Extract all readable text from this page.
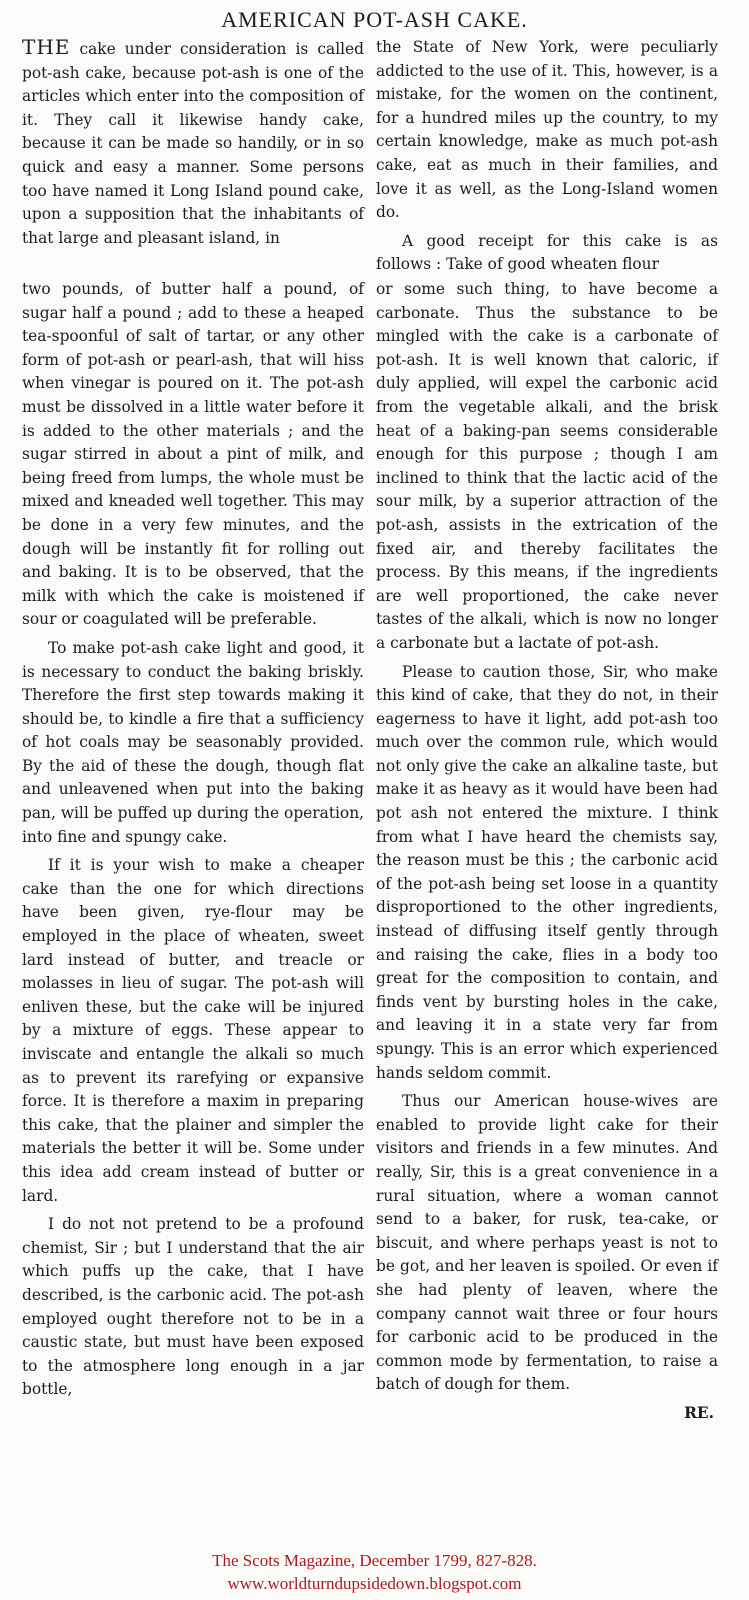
AMERICAN POT-ASH CAKE.

THE cake under consideration is called pot-ash cake, because pot-ash is one of the articles which enter into the composition of it. They call it likewise handy cake, because it can be made so handily, or in so quick and easy a manner. Some persons too have named it Long Island pound cake, upon a supposition that the inhabitants of that large and pleasant island, in

the State of New York, were peculiarly addicted to the use of it. This, however, is a mistake, for the women on the continent, for a hundred miles up the country, to my certain knowledge, make as much pot-ash cake, eat as much in their families, and love it as well, as the Long-Island women do.

A good receipt for this cake is as follows : Take of good wheaten flour

two pounds, of butter half a pound, of sugar half a pound ; add to these a heaped tea-spoonful of salt of tartar, or any other form of pot-ash or pearl-ash, that will hiss when vinegar is poured on it. The pot-ash must be dissolved in a little water before it is added to the other materials ; and the sugar stirred in about a pint of milk, and being freed from lumps, the whole must be mixed and kneaded well together. This may be done in a very few minutes, and the dough will be instantly fit for rolling out and baking. It is to be observed, that the milk with which the cake is moistened if sour or coagulated will be preferable.

To make pot-ash cake light and good, it is necessary to conduct the baking briskly. Therefore the first step towards making it should be, to kindle a fire that a sufficiency of hot coals may be seasonably provided. By the aid of these the dough, though flat and unleavened when put into the baking pan, will be puffed up during the operation, into fine and spungy cake.

If it is your wish to make a cheaper cake than the one for which directions have been given, rye-flour may be employed in the place of wheaten, sweet lard instead of butter, and treacle or molasses in lieu of sugar. The pot-ash will enliven these, but the cake will be injured by a mixture of eggs. These appear to inviscate and entangle the alkali so much as to prevent its rarefying or expansive force. It is therefore a maxim in preparing this cake, that the plainer and simpler the materials the better it will be. Some under this idea add cream instead of butter or lard.

I do not not pretend to be a profound chemist, Sir ; but I understand that the air which puffs up the cake, that I have described, is the carbonic acid. The pot-ash employed ought therefore not to be in a caustic state, but must have been exposed to the atmosphere long enough in a jar bottle,

or some such thing, to have become a carbonate. Thus the substance to be mingled with the cake is a carbonate of pot-ash. It is well known that caloric, if duly applied, will expel the carbonic acid from the vegetable alkali, and the brisk heat of a baking-pan seems considerable enough for this purpose ; though I am inclined to think that the lactic acid of the sour milk, by a superior attraction of the pot-ash, assists in the extrication of the fixed air, and thereby facilitates the process. By this means, if the ingredients are well proportioned, the cake never tastes of the alkali, which is now no longer a carbonate but a lactate of pot-ash.

Please to caution those, Sir, who make this kind of cake, that they do not, in their eagerness to have it light, add pot-ash too much over the common rule, which would not only give the cake an alkaline taste, but make it as heavy as it would have been had pot ash not entered the mixture. I think from what I have heard the chemists say, the reason must be this ; the carbonic acid of the pot-ash being set loose in a quantity disproportioned to the other ingredients, instead of diffusing itself gently through and raising the cake, flies in a body too great for the composition to contain, and finds vent by bursting holes in the cake, and leaving it in a state very far from spungy. This is an error which experienced hands seldom commit.

Thus our American house-wives are enabled to provide light cake for their visitors and friends in a few minutes. And really, Sir, this is a great convenience in a rural situation, where a woman cannot send to a baker, for rusk, tea-cake, or biscuit, and where perhaps yeast is not to be got, and her leaven is spoiled. Or even if she had plenty of leaven, where the company cannot wait three or four hours for carbonic acid to be produced in the common mode by fermentation, to raise a batch of dough for them.

RE.
The Scots Magazine, December 1799, 827-828.
www.worldturndupsidedown.blogspot.com
